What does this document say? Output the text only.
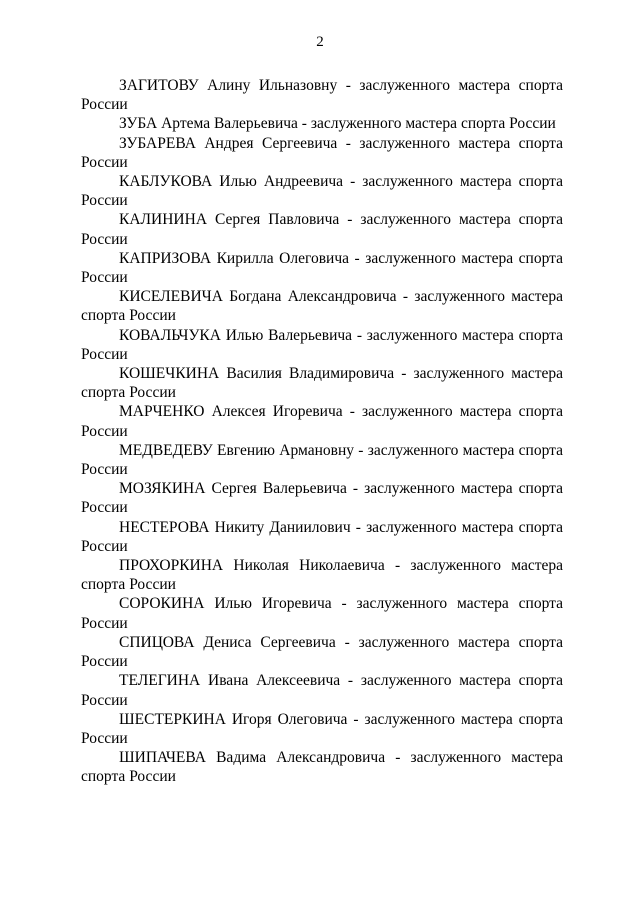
2

ЗАГИТОВУ Алину Ильназовну - заслуженного мастера спорта России

ЗУБА Артема Валерьевича - заслуженного мастера спорта России

ЗУБАРЕВА Андрея Сергеевича - заслуженного мастера спорта России

КАБЛУКОВА Илью Андреевича - заслуженного мастера спорта России

КАЛИНИНА Сергея Павловича - заслуженного мастера спорта России

КАПРИЗОВА Кирилла Олеговича - заслуженного мастера спорта России

КИСЕЛЕВИЧА Богдана Александровича - заслуженного мастера спорта России

КОВАЛЬЧУКА Илью Валерьевича - заслуженного мастера спорта России

КОШЕЧКИНА Василия Владимировича - заслуженного мастера спорта России

МАРЧЕНКО Алексея Игоревича - заслуженного мастера спорта России

МЕДВЕДЕВУ Евгению Армановну - заслуженного мастера спорта России

МОЗЯКИНА Сергея Валерьевича - заслуженного мастера спорта России

НЕСТЕРОВА Никиту Даниилович - заслуженного мастера спорта России

ПРОХОРКИНА Николая Николаевича - заслуженного мастера спорта России

СОРОКИНА Илью Игоревича - заслуженного мастера спорта России

СПИЦОВА Дениса Сергеевича - заслуженного мастера спорта России

ТЕЛЕГИНА Ивана Алексеевича - заслуженного мастера спорта России

ШЕСТЕРКИНА Игоря Олеговича - заслуженного мастера спорта России

ШИПАЧЕВА Вадима Александровича - заслуженного мастера спорта России
